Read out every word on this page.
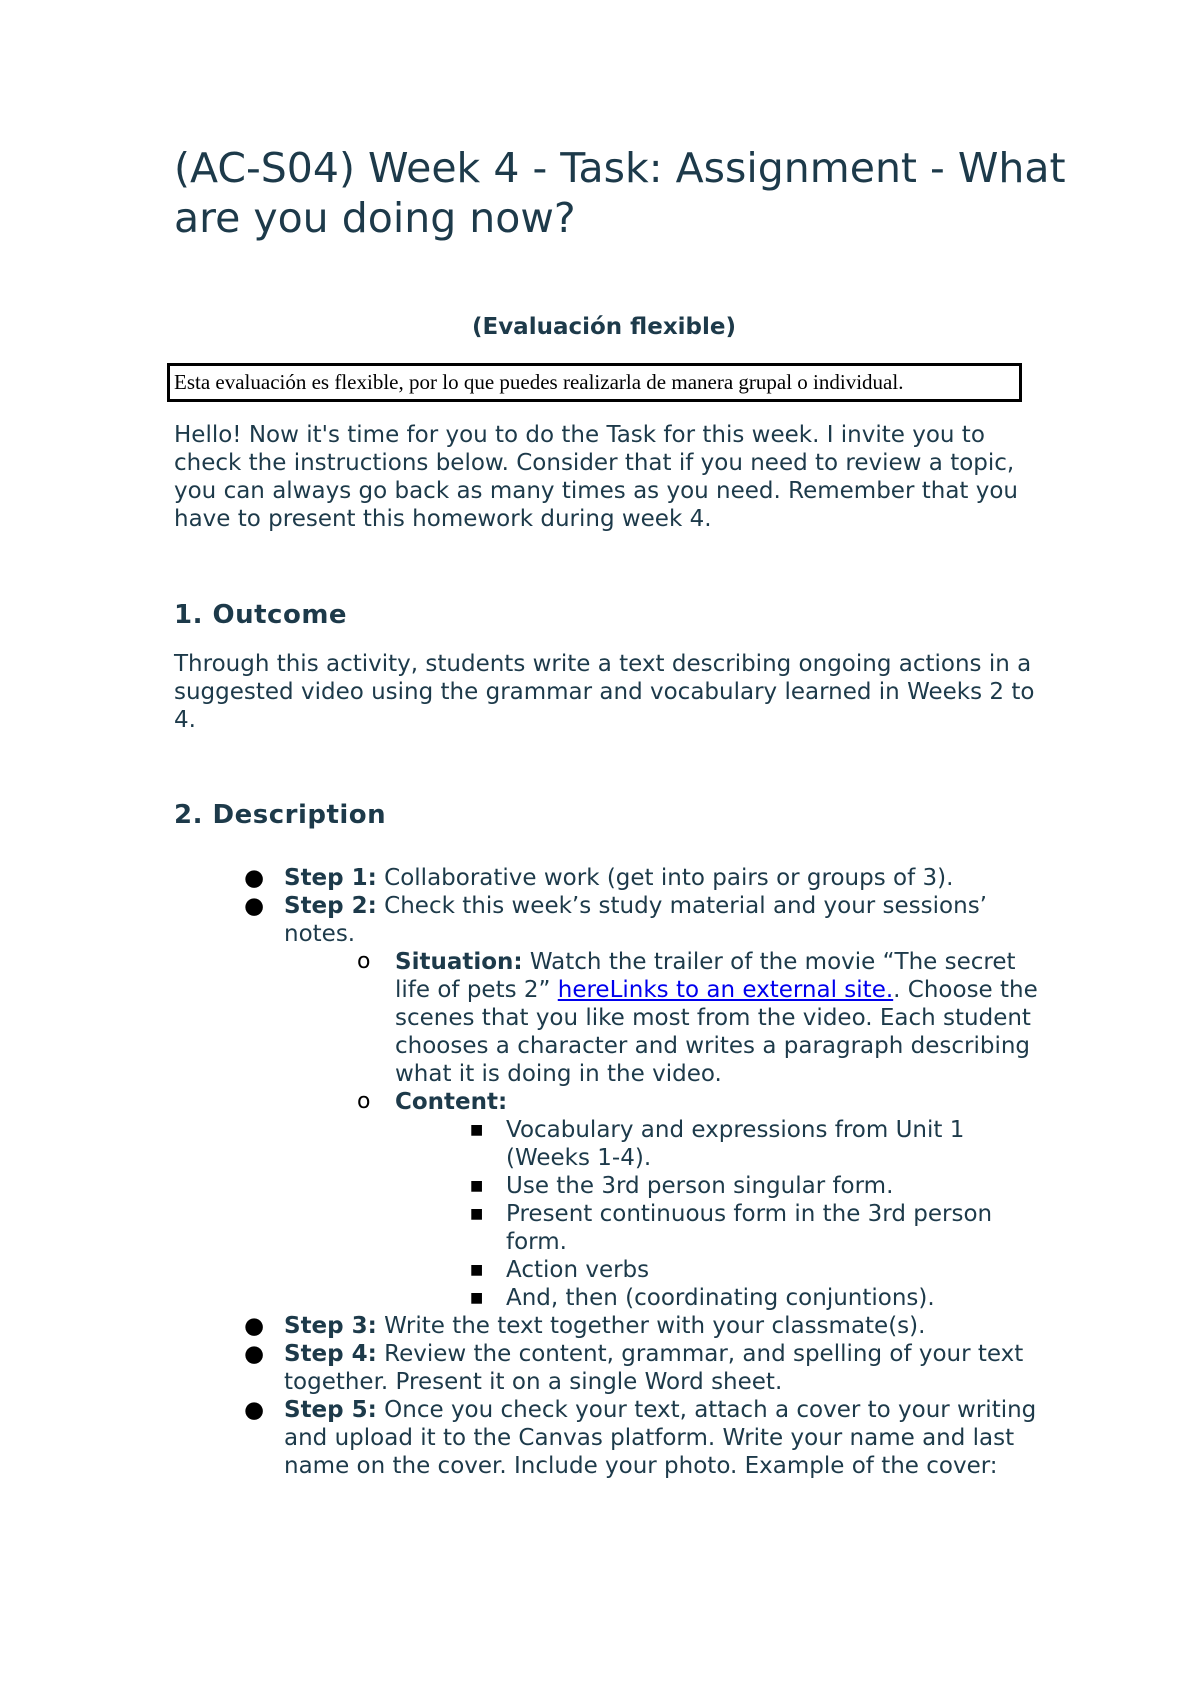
(AC-S04) Week 4 - Task: Assignment - What are you doing now?

(Evaluación flexible)

Esta evaluación es flexible, por lo que puedes realizarla de manera grupal o individual.

Hello! Now it's time for you to do the Task for this week. I invite you to check the instructions below. Consider that if you need to review a topic, you can always go back as many times as you need. Remember that you have to present this homework during week 4.

1. Outcome

Through this activity, students write a text describing ongoing actions in a suggested video using the grammar and vocabulary learned in Weeks 2 to 4.

2. Description
● Step 1: Collaborative work (get into pairs or groups of 3).
● Step 2: Check this week’s study material and your sessions’ notes.
o Situation: Watch the trailer of the movie “The secret life of pets 2” hereLinks to an external site.. Choose the scenes that you like most from the video. Each student chooses a character and writes a paragraph describing what it is doing in the video.
o Content:
■ Vocabulary and expressions from Unit 1 (Weeks 1-4).
■ Use the 3rd person singular form.
■ Present continuous form in the 3rd person form.
■ Action verbs
■ And, then (coordinating conjuntions).
● Step 3: Write the text together with your classmate(s).
● Step 4: Review the content, grammar, and spelling of your text together. Present it on a single Word sheet.
● Step 5: Once you check your text, attach a cover to your writing and upload it to the Canvas platform. Write your name and last name on the cover. Include your photo. Example of the cover:
